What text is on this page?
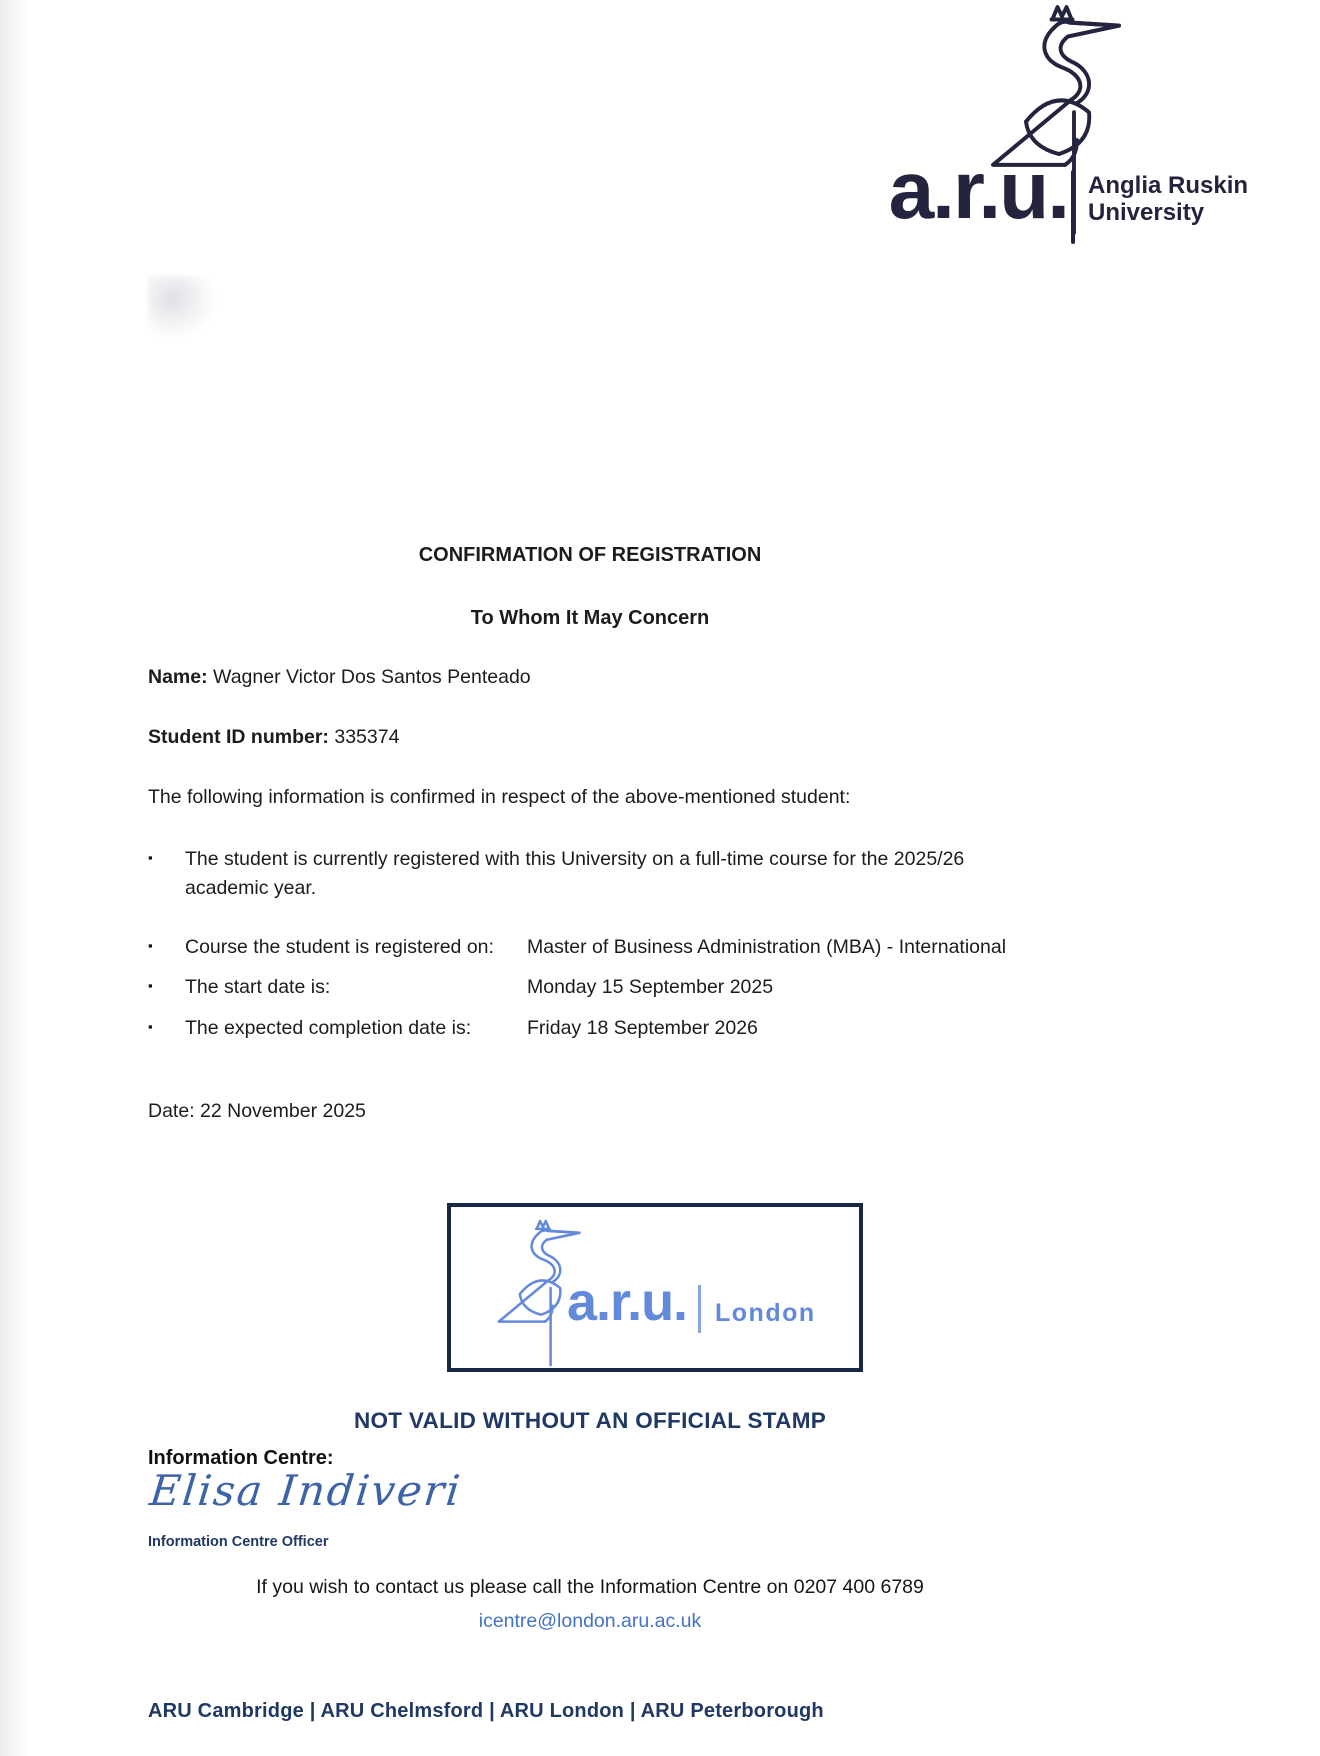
a.r.u. Anglia Ruskin
University
CONFIRMATION OF REGISTRATION
To Whom It May Concern
Name: Wagner Victor Dos Santos Penteado
Student ID number: 335374
The following information is confirmed in respect of the above-mentioned student:
▪	The student is currently registered with this University on a full-time course for the 2025/26 academic year.
▪	Course the student is registered on:	Master of Business Administration (MBA) - International
▪	The start date is:	Monday 15 September 2025
▪	The expected completion date is:	Friday 18 September 2026
Date: 22 November 2025
a.r.u. London
NOT VALID WITHOUT AN OFFICIAL STAMP
Information Centre:
Elisa Indiveri
Information Centre Officer
If you wish to contact us please call the Information Centre on 0207 400 6789
icentre@london.aru.ac.uk
ARU Cambridge | ARU Chelmsford | ARU London | ARU Peterborough
